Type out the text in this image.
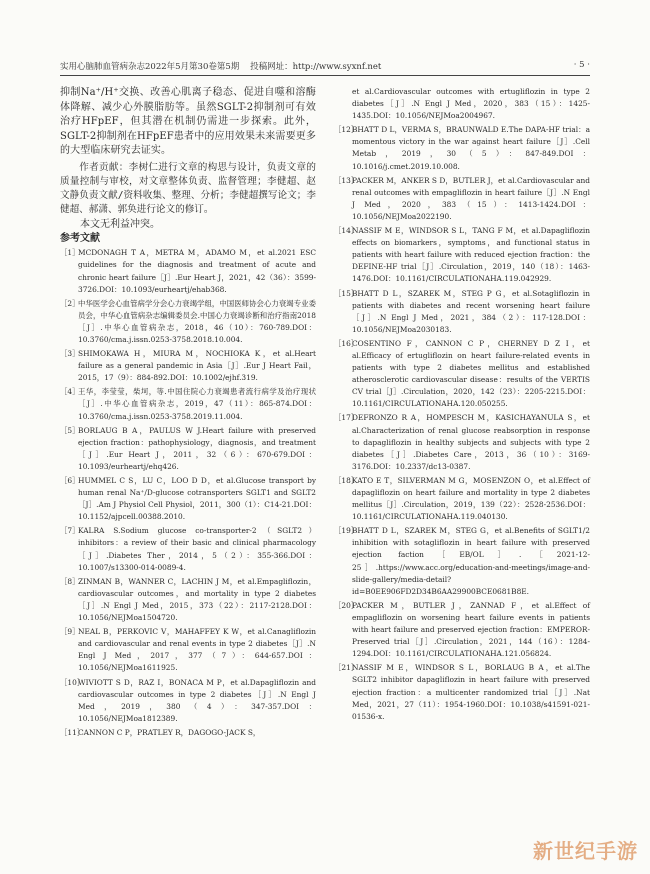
实用心脑肺血管病杂志2022年5月第30卷第5期 投稿网址：http://www.syxnf.net	· 5 ·

抑制Na⁺/H⁺交换、改善心肌离子稳态、促进自噬和溶酶体降解、减少心外膜脂肪等。虽然SGLT-2抑制剂可有效治疗HFpEF，但其潜在机制仍需进一步探索。此外，SGLT-2抑制剂在HFpEF患者中的应用效果未来需要更多的大型临床研究去证实。

作者贡献：李树仁进行文章的构思与设计，负责文章的质量控制与审校，对文章整体负责、监督管理；李健超、赵文静负责文献/资料收集、整理、分析；李健超撰写论文；李健超、郝潇、郭奂进行论文的修订。

本文无利益冲突。

参考文献

［1］
MCDONAGH T A，METRA M，ADAMO M，et al.2021 ESC guidelines for the diagnosis and treatment of acute and chronic heart failure［J］.Eur Heart J，2021，42（36）：3599-3726.DOI：10.1093/eurheartj/ehab368.

［2］
中华医学会心血管病学分会心力衰竭学组，中国医师协会心力衰竭专业委员会，中华心血管病杂志编辑委员会.中国心力衰竭诊断和治疗指南2018［J］.中华心血管病杂志，2018，46（10）：760-789.DOI：10.3760/cma.j.issn.0253-3758.2018.10.004.

［3］
SHIMOKAWA H，MIURA M，NOCHIOKA K，et al.Heart failure as a general pandemic in Asia［J］.Eur J Heart Fail，2015，17（9）：884-892.DOI：10.1002/ejhf.319.

［4］
王华，李莹莹，柴坷，等.中国住院心力衰竭患者流行病学及治疗现状［J］.中华心血管病杂志，2019，47（11）：865-874.DOI：10.3760/cma.j.issn.0253-3758.2019.11.004.

［5］
BORLAUG B A，PAULUS W J.Heart failure with preserved ejection fraction：pathophysiology，diagnosis，and treatment［J］.Eur Heart J，2011，32（6）：670-679.DOI：10.1093/eurheartj/ehq426.

［6］
HUMMEL C S，LU C，LOO D D，et al.Glucose transport by human renal Na⁺/D-glucose cotransporters SGLT1 and SGLT2［J］.Am J Physiol Cell Physiol，2011，300（1）：C14-21.DOI：10.1152/ajpcell.00388.2010.

［7］
KALRA S.Sodium glucose co-transporter-2（SGLT2）inhibitors：a review of their basic and clinical pharmacology［J］.Diabetes Ther，2014，5（2）：355-366.DOI：10.1007/s13300-014-0089-4.

［8］
ZINMAN B，WANNER C，LACHIN J M，et al.Empagliflozin，cardiovascular outcomes，and mortality in type 2 diabetes［J］.N Engl J Med，2015，373（22）：2117-2128.DOI：10.1056/NEJMoa1504720.

［9］
NEAL B，PERKOVIC V，MAHAFFEY K W，et al.Canagliflozin and cardiovascular and renal events in type 2 diabetes［J］.N Engl J Med，2017，377（7）：644-657.DOI：10.1056/NEJMoa1611925.

［10］
WIVIOTT S D，RAZ I，BONACA M P，et al.Dapagliflozin and cardiovascular outcomes in type 2 diabetes［J］.N Engl J Med，2019，380（4）：347-357.DOI：10.1056/NEJMoa1812389.

［11］
CANNON C P，PRATLEY R，DAGOGO-JACK S，

et al.Cardiovascular outcomes with ertugliflozin in type 2 diabetes［J］.N Engl J Med，2020，383（15）：1425-1435.DOI：10.1056/NEJMoa2004967.

［12］
BHATT D L，VERMA S，BRAUNWALD E.The DAPA-HF trial：a momentous victory in the war against heart failure［J］.Cell Metab，2019，30（5）：847-849.DOI：10.1016/j.cmet.2019.10.008.

［13］
PACKER M，ANKER S D，BUTLER J，et al.Cardiovascular and renal outcomes with empagliflozin in heart failure［J］.N Engl J Med，2020，383（15）：1413-1424.DOI：10.1056/NEJMoa2022190.

［14］
NASSIF M E，WINDSOR S L，TANG F M，et al.Dapagliflozin effects on biomarkers，symptoms，and functional status in patients with heart failure with reduced ejection fraction：the DEFINE-HF trial［J］.Circulation，2019，140（18）：1463-1476.DOI：10.1161/CIRCULATIONAHA.119.042929.

［15］
BHATT D L，SZAREK M，STEG P G，et al.Sotagliflozin in patients with diabetes and recent worsening heart failure［J］.N Engl J Med，2021，384（2）：117-128.DOI：10.1056/NEJMoa2030183.

［16］
COSENTINO F，CANNON C P，CHERNEY D Z I，et al.Efficacy of ertugliflozin on heart failure-related events in patients with type 2 diabetes mellitus and established atherosclerotic cardiovascular disease：results of the VERTIS CV trial［J］.Circulation，2020，142（23）：2205-2215.DOI：10.1161/CIRCULATIONAHA.120.050255.

［17］
DEFRONZO R A，HOMPESCH M，KASICHAYANULA S，et al.Characterization of renal glucose reabsorption in response to dapagliflozin in healthy subjects and subjects with type 2 diabetes［J］.Diabetes Care，2013，36（10）：3169-3176.DOI：10.2337/dc13-0387.

［18］
KATO E T，SILVERMAN M G，MOSENZON O，et al.Effect of dapagliflozin on heart failure and mortality in type 2 diabetes mellitus［J］.Circulation，2019，139（22）：2528-2536.DOI：10.1161/CIRCULATIONAHA.119.040130.

［19］
BHATT D L，SZAREK M，STEG G，et al.Benefits of SGLT1/2 inhibition with sotagliflozin in heart failure with preserved ejection faction［EB/OL］.［2021-12-25］.https://www.acc.org/education-and-meetings/image-and-slide-gallery/media-detail?id=B0EE906FD2D34B6AA29900BCE0681B8E.

［20］
PACKER M，BUTLER J，ZANNAD F，et al.Effect of empagliflozin on worsening heart failure events in patients with heart failure and preserved ejection fraction：EMPEROR-Preserved trial［J］.Circulation，2021，144（16）：1284-1294.DOI：10.1161/CIRCULATIONAHA.121.056824.

［21］
NASSIF M E，WINDSOR S L，BORLAUG B A，et al.The SGLT2 inhibitor dapagliflozin in heart failure with preserved ejection fraction：a multicenter randomized trial［J］.Nat Med，2021，27（11）：1954-1960.DOI：10.1038/s41591-021-01536-x.

新世纪手游
